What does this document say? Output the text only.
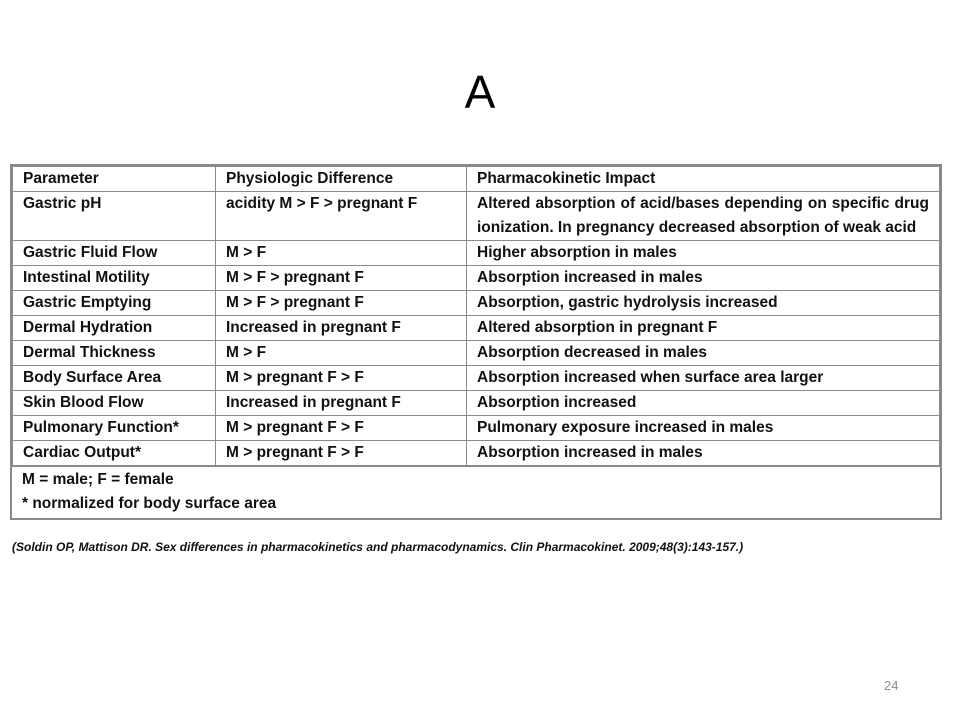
A
Parameter	Physiologic Difference	Pharmacokinetic Impact
Gastric pH	acidity M > F > pregnant F	Altered absorption of acid/bases depending on specific drug ionization. In pregnancy decreased absorption of weak acid
Gastric Fluid Flow	M > F	Higher absorption in males
Intestinal Motility	M > F > pregnant F	Absorption increased in males
Gastric Emptying	M > F > pregnant F	Absorption, gastric hydrolysis increased
Dermal Hydration	Increased in pregnant F	Altered absorption in pregnant F
Dermal Thickness	M > F	Absorption decreased in males
Body Surface Area	M > pregnant F > F	Absorption increased when surface area larger
Skin Blood Flow	Increased in pregnant F	Absorption increased
Pulmonary Function*	M > pregnant F > F	Pulmonary exposure increased in males
Cardiac Output*	M > pregnant F > F	Absorption increased in males
M = male; F = female
* normalized for body surface area
(Soldin OP, Mattison DR. Sex differences in pharmacokinetics and pharmacodynamics. Clin Pharmacokinet. 2009;48(3):143-157.)
24
